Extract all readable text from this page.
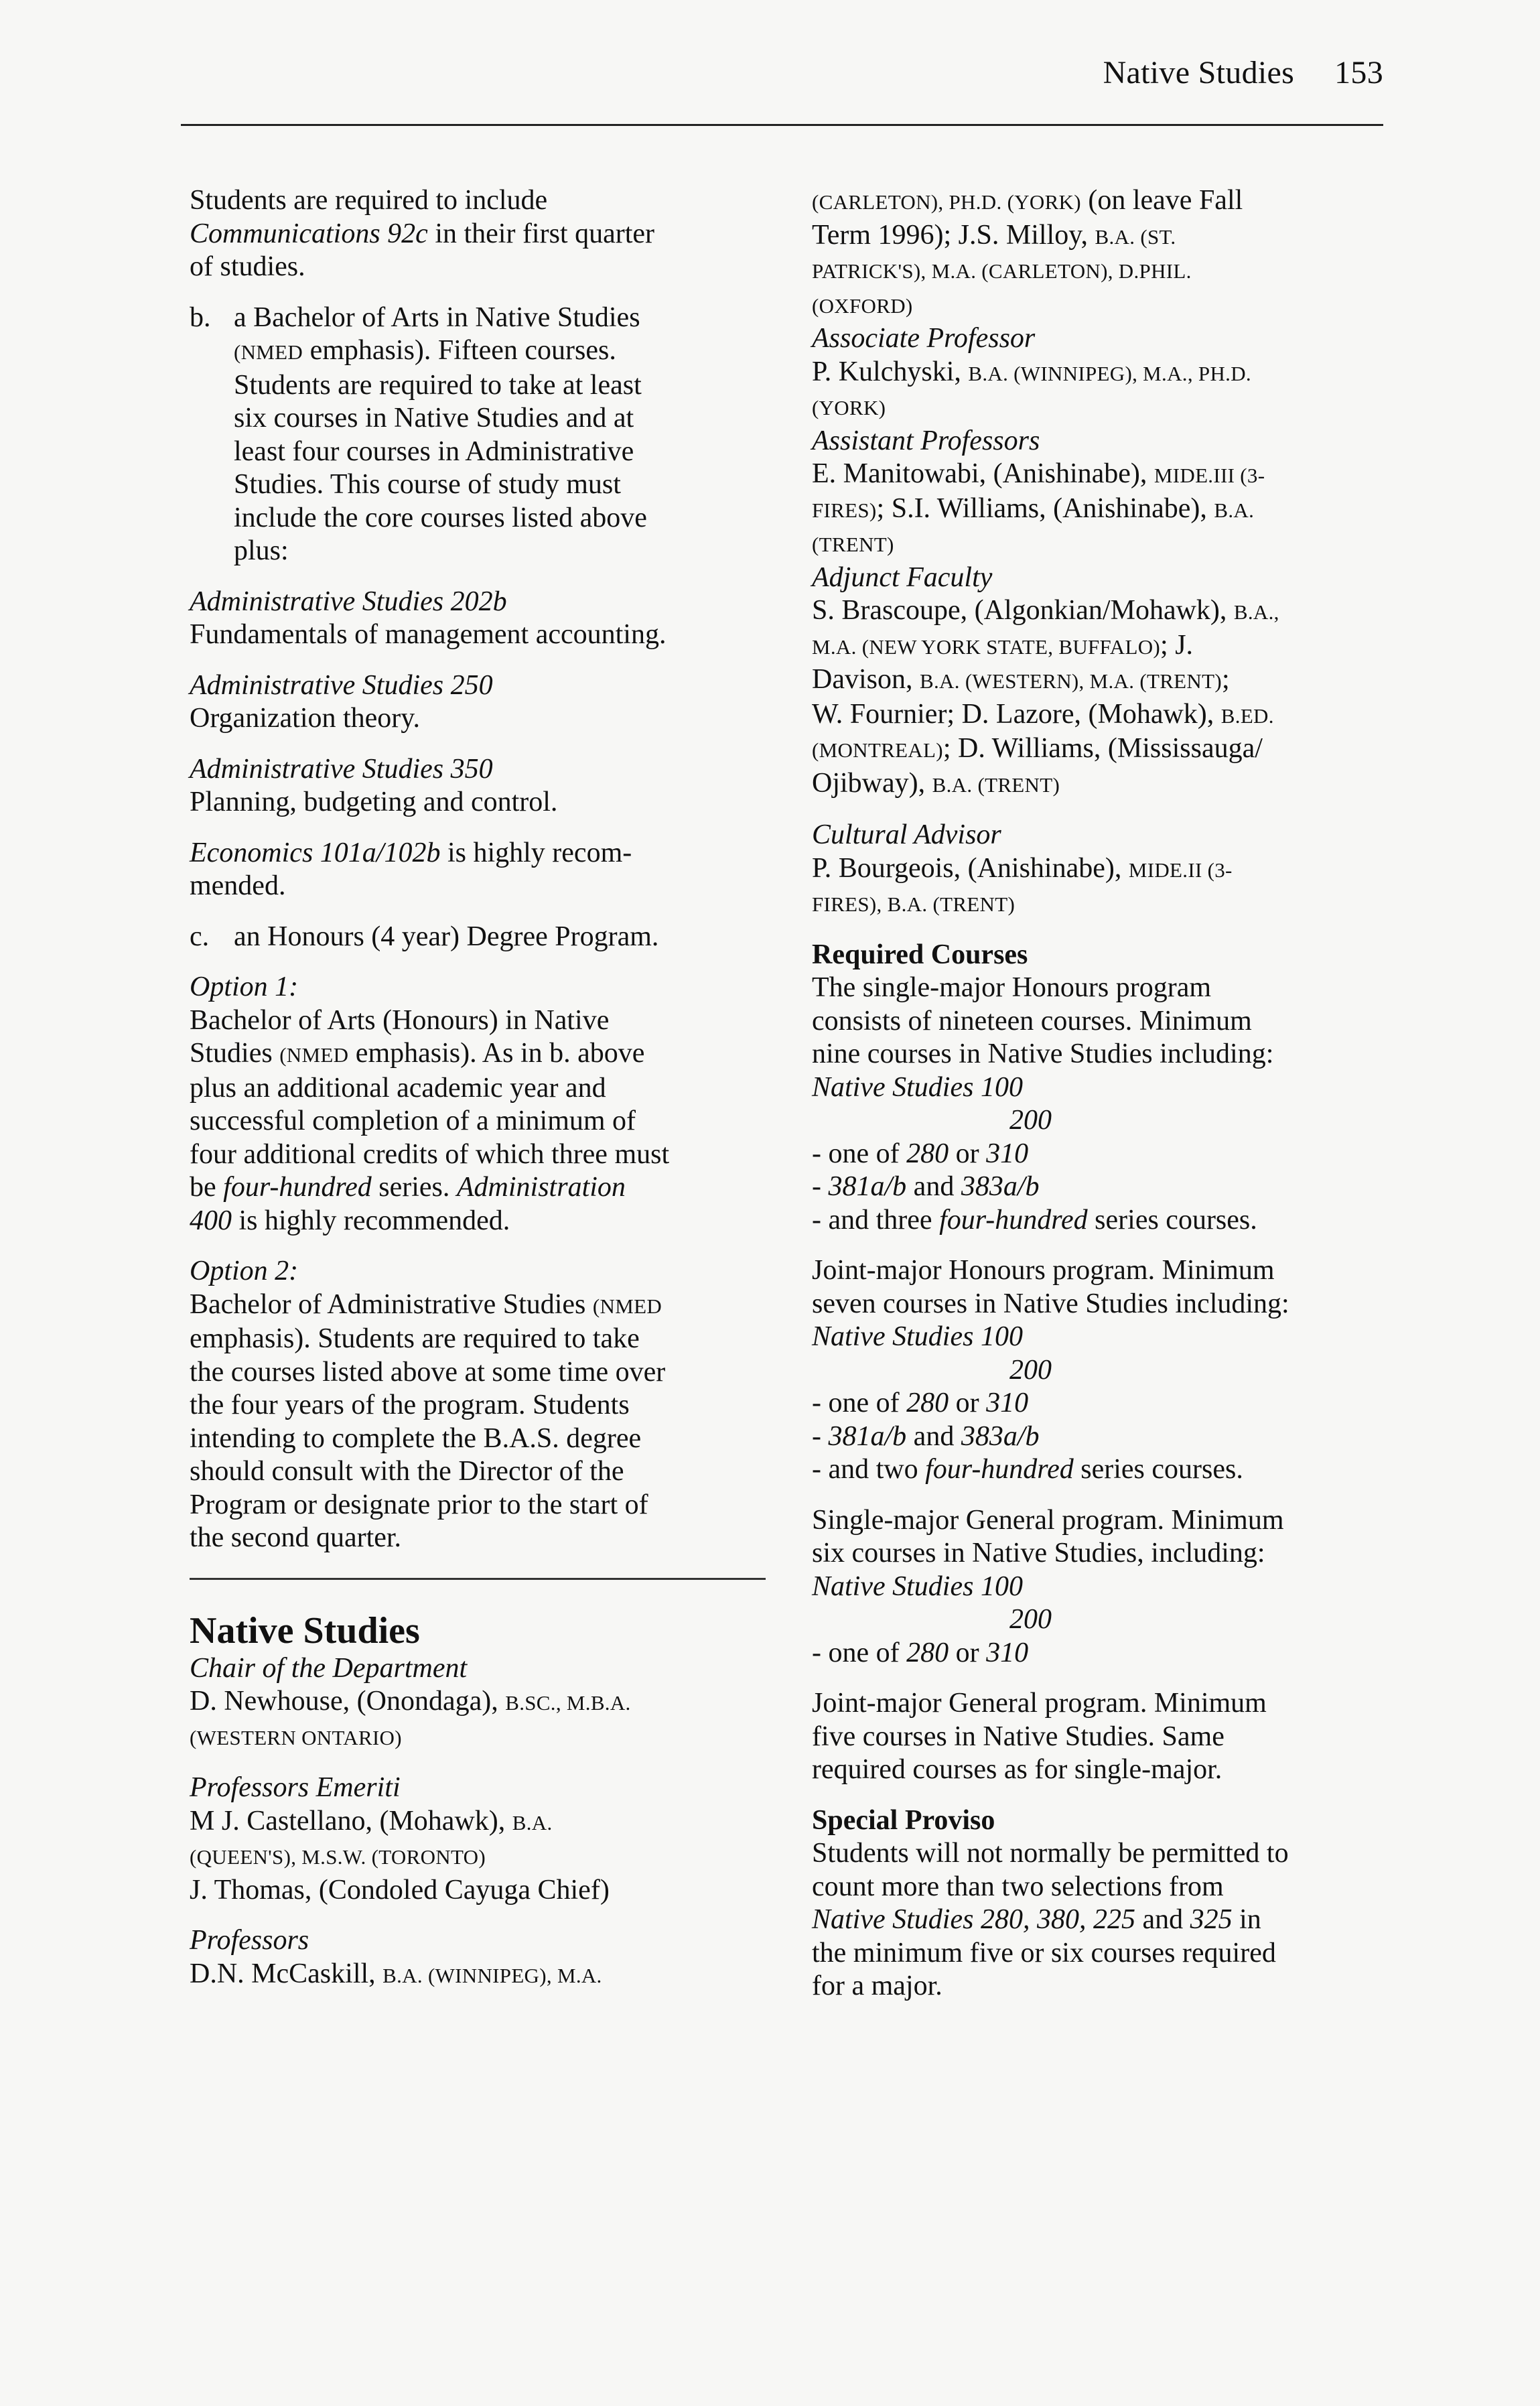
Native Studies 153

Students are required to include

Communications 92c in their first quarter

of studies.

b. a Bachelor of Arts in Native Studies

(NMED emphasis). Fifteen courses.

Students are required to take at least

six courses in Native Studies and at

least four courses in Administrative

Studies. This course of study must

include the core courses listed above

plus:

Administrative Studies 202b

Fundamentals of management accounting.

Administrative Studies 250

Organization theory.

Administrative Studies 350

Planning, budgeting and control.

Economics 101a/102b is highly recom-

mended.

c. an Honours (4 year) Degree Program.

Option 1:

Bachelor of Arts (Honours) in Native

Studies (NMED emphasis). As in b. above

plus an additional academic year and

successful completion of a minimum of

four additional credits of which three must

be four-hundred series. Administration

400 is highly recommended.

Option 2:

Bachelor of Administrative Studies (NMED

emphasis). Students are required to take

the courses listed above at some time over

the four years of the program. Students

intending to complete the B.A.S. degree

should consult with the Director of the

Program or designate prior to the start of

the second quarter.

Native Studies

Chair of the Department

D. Newhouse, (Onondaga), B.SC., M.B.A.

(WESTERN ONTARIO)

Professors Emeriti

M J. Castellano, (Mohawk), B.A.

(QUEEN'S), M.S.W. (TORONTO)

J. Thomas, (Condoled Cayuga Chief)

Professors

D.N. McCaskill, B.A. (WINNIPEG), M.A.

(CARLETON), PH.D. (YORK) (on leave Fall

Term 1996); J.S. Milloy, B.A. (ST.

PATRICK'S), M.A. (CARLETON), D.PHIL.

(OXFORD)

Associate Professor

P. Kulchyski, B.A. (WINNIPEG), M.A., PH.D.

(YORK)

Assistant Professors

E. Manitowabi, (Anishinabe), MIDE.III (3-

FIRES); S.I. Williams, (Anishinabe), B.A.

(TRENT)

Adjunct Faculty

S. Brascoupe, (Algonkian/Mohawk), B.A.,

M.A. (NEW YORK STATE, BUFFALO); J.

Davison, B.A. (WESTERN), M.A. (TRENT);

W. Fournier; D. Lazore, (Mohawk), B.ED.

(MONTREAL); D. Williams, (Mississauga/

Ojibway), B.A. (TRENT)

Cultural Advisor

P. Bourgeois, (Anishinabe), MIDE.II (3-

FIRES), B.A. (TRENT)

Required Courses

The single-major Honours program

consists of nineteen courses. Minimum

nine courses in Native Studies including:

Native Studies 100

200

- one of 280 or 310

- 381a/b and 383a/b

- and three four-hundred series courses.

Joint-major Honours program. Minimum

seven courses in Native Studies including:

Native Studies 100

200

- one of 280 or 310

- 381a/b and 383a/b

- and two four-hundred series courses.

Single-major General program. Minimum

six courses in Native Studies, including:

Native Studies 100

200

- one of 280 or 310

Joint-major General program. Minimum

five courses in Native Studies. Same

required courses as for single-major.

Special Proviso

Students will not normally be permitted to

count more than two selections from

Native Studies 280, 380, 225 and 325 in

the minimum five or six courses required

for a major.
